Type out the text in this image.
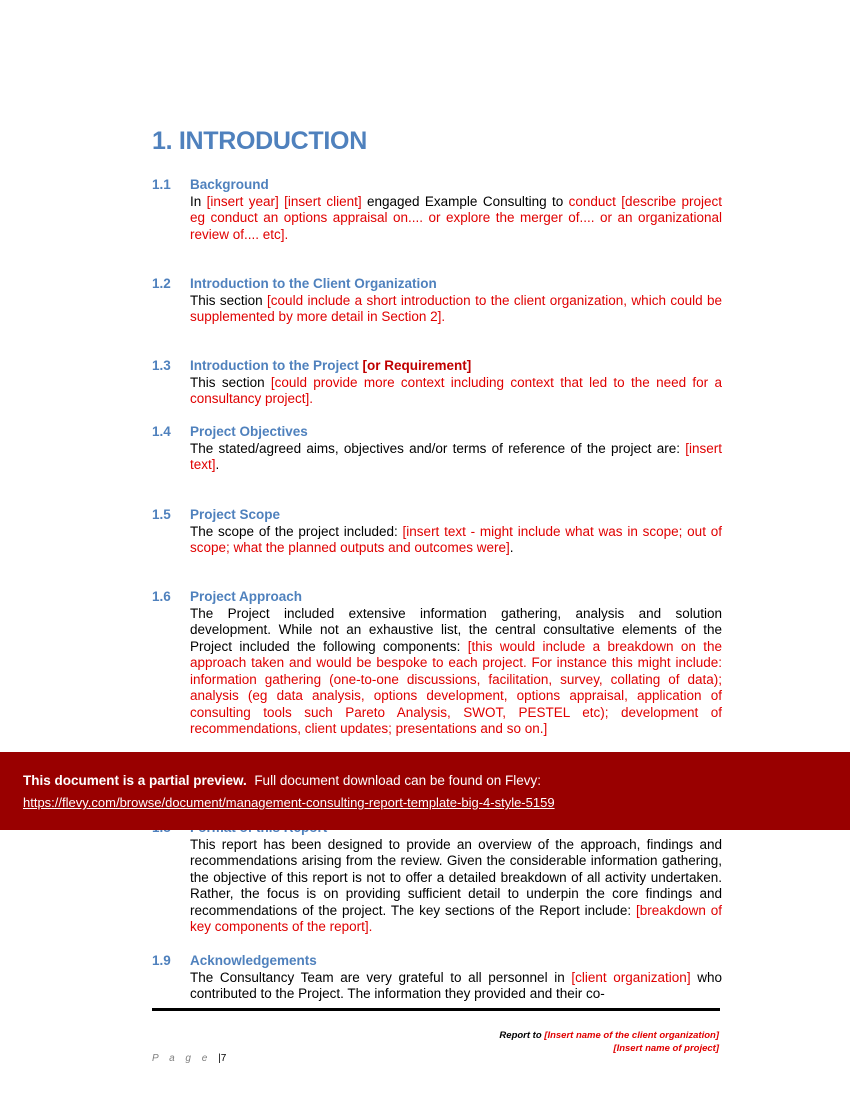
1. INTRODUCTION
1.1 Background
In [insert year] [insert client] engaged Example Consulting to conduct [describe project eg conduct an options appraisal on.... or explore the merger of.... or an organizational review of.... etc].
1.2 Introduction to the Client Organization
This section [could include a short introduction to the client organization, which could be supplemented by more detail in Section 2].
1.3 Introduction to the Project [or Requirement]
This section [could provide more context including context that led to the need for a consultancy project].
1.4 Project Objectives
The stated/agreed aims, objectives and/or terms of reference of the project are: [insert text].
1.5 Project Scope
The scope of the project included: [insert text - might include what was in scope; out of scope; what the planned outputs and outcomes were].
1.6 Project Approach
The Project included extensive information gathering, analysis and solution development. While not an exhaustive list, the central consultative elements of the Project included the following components: [this would include a breakdown on the approach taken and would be bespoke to each project. For instance this might include: information gathering (one-to-one discussions, facilitation, survey, collating of data); analysis (eg data analysis, options development, options appraisal, application of consulting tools such Pareto Analysis, SWOT, PESTEL etc); development of recommendations, client updates; presentations and so on.]
This report has been designed to provide an overview of the approach, findings and recommendations arising from the review. Given the considerable information gathering, the objective of this report is not to offer a detailed breakdown of all activity undertaken. Rather, the focus is on providing sufficient detail to underpin the core findings and recommendations of the project. The key sections of the Report include: [breakdown of key components of the report].
1.9 Acknowledgements
The Consultancy Team are very grateful to all personnel in [client organization] who contributed to the Project. The information they provided and their co-
This document is a partial preview.  Full document download can be found on Flevy:
https://flevy.com/browse/document/management-consulting-report-template-big-4-style-5159
Report to [Insert name of the client organization]
[Insert name of project]
P a g e |7
